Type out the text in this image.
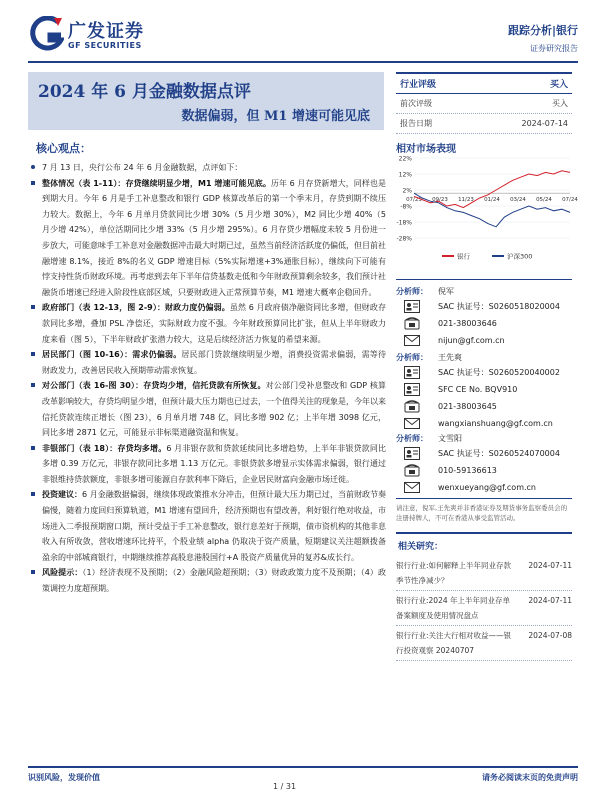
广发证券
GF SECURITIES
跟踪分析|银行
证券研究报告
2024 年 6 月金融数据点评
数据偏弱，但 M1 增速可能见底
行业评级	买入
前次评级	买入
报告日期	2024-07-14
核心观点：

7 月 13 日，央行公布 24 年 6 月金融数据，点评如下：

整体情况（表 1-11）：存贷继续明显少增，M1 增速可能见底。历年 6 月存贷新增大，同样也是到期大月。今年 6 月是手工补息整改和银行 GDP 核算改革后的第一个季末月，存贷到期不续压力较大。数据上，今年 6 月单月贷款同比少增 30%（5 月少增 30%），M2 同比少增 40%（5 月少增 42%），单位活期同比少增 33%（5 月少增 295%）。6 月存贷少增幅度未较 5 月份进一步放大，可能意味手工补息对金融数据冲击最大时期已过，虽然当前经济活跃度仍偏低，但目前社融增速 8.1%，接近 8%的名义 GDP 增速目标（5%实际增速+3%通胀目标），继续向下可能有悖支持性货币财政环境。再考虑到去年下半年信贷基数走低和今年财政预算剩余较多，我们预计社融货币增速已经进入阶段性底部区域，只要财政进入正常预算节奏，M1 增速大概率企稳回升。

政府部门（表 12-13，图 2-9）：财政力度仍偏弱。虽然 6 月政府债净融资同比多增，但财政存款同比多增，叠加 PSL 净偿还，实际财政力度不强。今年财政预算同比扩张，但从上半年财政力度来看（图 5），下半年财政扩张潜力较大，这是后续经济活力恢复的希望来源。

居民部门（图 10-16）：需求仍偏弱。居民部门贷款继续明显少增，消费投资需求偏弱，需等待财政发力，改善居民收入预期带动需求恢复。

对公部门（表 16-图 30）：存贷均少增，信托贷款有所恢复。对公部门受补息整改和 GDP 核算改革影响较大，存贷均明显少增，但预计最大压力期也已过去，一个值得关注的现象是，今年以来信托贷款连续正增长（图 23），6 月单月增 748 亿，同比多增 902 亿；上半年增 3098 亿元，同比多增 2871 亿元，可能显示非标渠道融资温和恢复。

非银部门（表 18）：存贷均多增。6 月非银存款和贷款延续同比多增趋势，上半年非银贷款同比多增 0.39 万亿元，非银存款同比多增 1.13 万亿元。非银贷款多增显示实体需求偏弱，银行通过非银维持贷款额度，非银多增可能源自存款利率下降后，企业居民财富向金融市场迁徙。

投资建议：6 月金融数据偏弱，继续体现政策推水分冲击，但预计最大压力期已过，当前财政节奏偏慢，随着力度回归预算轨道，M1 增速有望回升，经济预期也有望改善，利好银行绝对收益，市场进入二季报预期窗口期，预计受益于手工补息整改，银行息差好于预期，债市资机构的其他非息收入有所收敛，营收增速环比持平，个股业绩 alpha 仍取决于资产质量，短期建议关注超额拨备盈余的中部城商银行，中期继续推荐高股息港股国行+A 股资产质量优异的复苏&成长行。

风险提示：（1）经济表现不及预期；（2）金融风险超预期；（3）财政政策力度不及预期；（4）政策调控力度超预期。

相对市场表现
22%
12%
2%
-8%
-18%
-28%
07/23 09/23 11/23 01/24 03/24 05/24 07/24
银行	沪深300
分析师：	倪军
SAC 执证号：S0260518020004
021-38003646
nijun@gf.com.cn
分析师：	王先爽
SAC 执证号：S0260520040002
SFC CE No. BQV910
021-38003645
wangxianshuang@gf.com.cn
分析师：	文雪阳
SAC 执证号：S0260524070004
010-59136613
wenxueyang@gf.com.cn
请注意，倪军,王先爽并非香港证券及期货事务监察委员会的注册持牌人，不可在香港从事受监管活动。
相关研究：
银行行业:如何解释上半年同业存款季节性净减少？
2024-07-11
银行行业:2024 年上半年同业存单备案额度及使用情况盘点
2024-07-11
银行行业:关注大行相对收益——银行投资观察 20240707
2024-07-08
识别风险，发现价值
1 / 31
请务必阅读末页的免责声明
